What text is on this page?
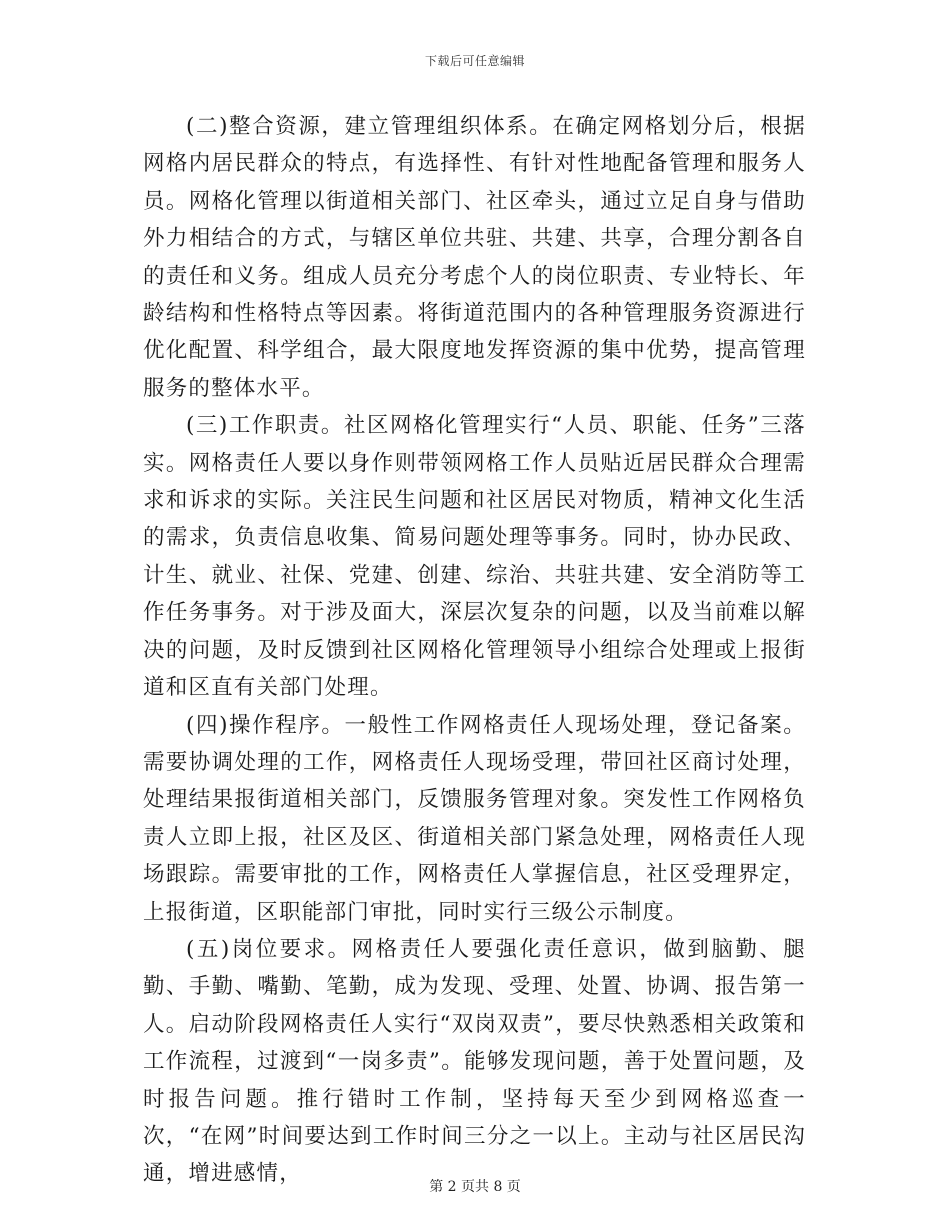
下载后可任意编辑

(二)整合资源，建立管理组织体系。在确定网格划分后，根据网格内居民群众的特点，有选择性、有针对性地配备管理和服务人员。网格化管理以街道相关部门、社区牵头，通过立足自身与借助外力相结合的方式，与辖区单位共驻、共建、共享，合理分割各自的责任和义务。组成人员充分考虑个人的岗位职责、专业特长、年龄结构和性格特点等因素。将街道范围内的各种管理服务资源进行优化配置、科学组合，最大限度地发挥资源的集中优势，提高管理服务的整体水平。

(三)工作职责。社区网格化管理实行“人员、职能、任务”三落实。网格责任人要以身作则带领网格工作人员贴近居民群众合理需求和诉求的实际。关注民生问题和社区居民对物质，精神文化生活的需求，负责信息收集、简易问题处理等事务。同时，协办民政、计生、就业、社保、党建、创建、综治、共驻共建、安全消防等工作任务事务。对于涉及面大，深层次复杂的问题，以及当前难以解决的问题，及时反馈到社区网格化管理领导小组综合处理或上报街道和区直有关部门处理。

(四)操作程序。一般性工作网格责任人现场处理，登记备案。需要协调处理的工作，网格责任人现场受理，带回社区商讨处理，处理结果报街道相关部门，反馈服务管理对象。突发性工作网格负责人立即上报，社区及区、街道相关部门紧急处理，网格责任人现场跟踪。需要审批的工作，网格责任人掌握信息，社区受理界定，上报街道，区职能部门审批，同时实行三级公示制度。

(五)岗位要求。网格责任人要强化责任意识，做到脑勤、腿勤、手勤、嘴勤、笔勤，成为发现、受理、处置、协调、报告第一人。启动阶段网格责任人实行“双岗双责”，要尽快熟悉相关政策和工作流程，过渡到“一岗多责”。能够发现问题，善于处置问题，及时报告问题。推行错时工作制，坚持每天至少到网格巡查一次，“在网”时间要达到工作时间三分之一以上。主动与社区居民沟通，增进感情，

第 2 页共 8 页
